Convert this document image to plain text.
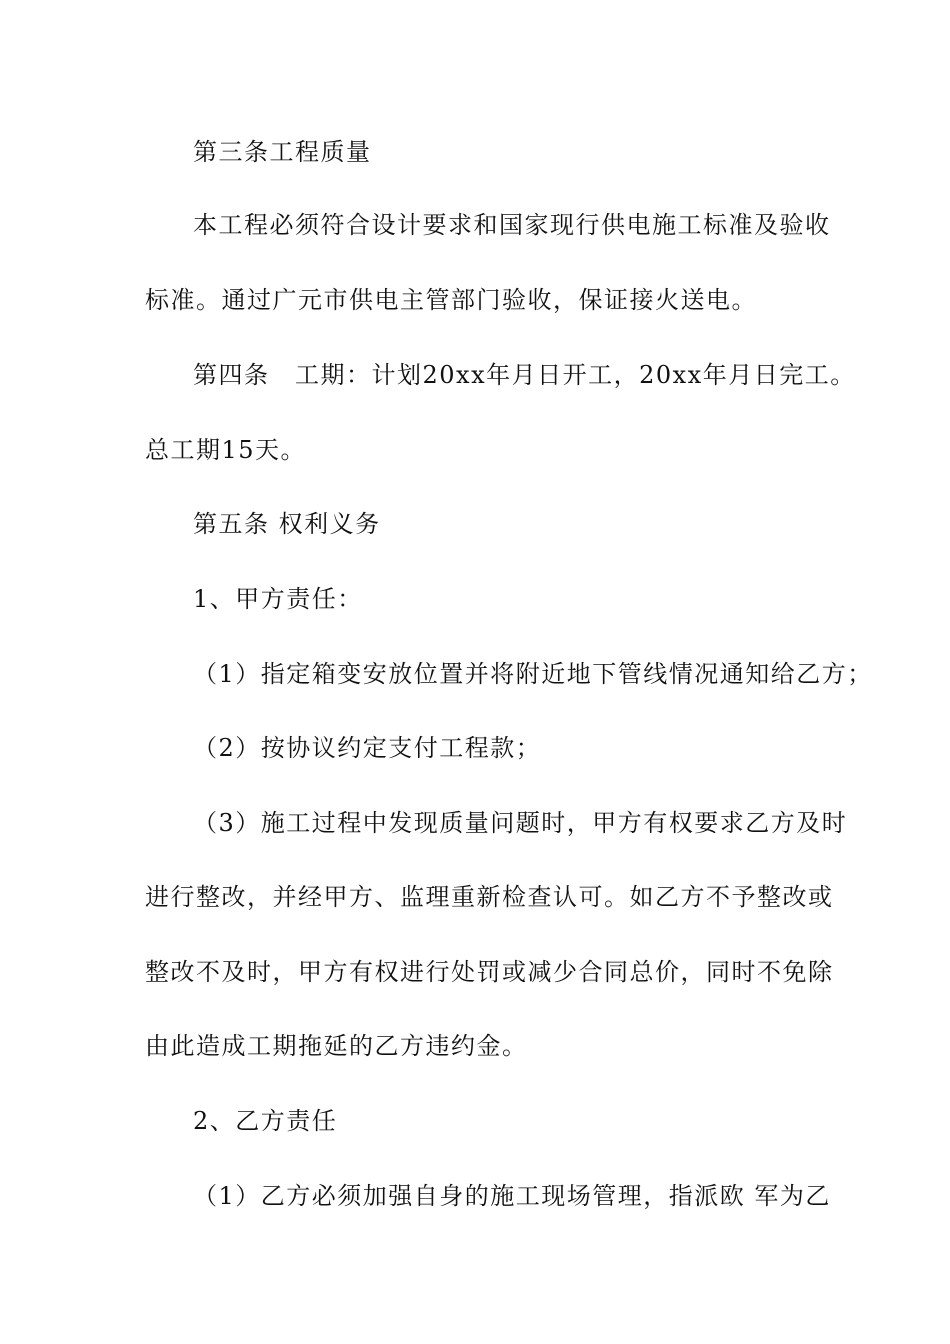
第三条工程质量
本工程必须符合设计要求和国家现行供电施工标准及验收
标准。通过广元市供电主管部门验收，保证接火送电。
第四条　工期：计划20xx年月日开工，20xx年月日完工。
总工期15天。
第五条 权利义务
1、甲方责任：
（1）指定箱变安放位置并将附近地下管线情况通知给乙方；
（2）按协议约定支付工程款；
（3）施工过程中发现质量问题时，甲方有权要求乙方及时
进行整改，并经甲方、监理重新检查认可。如乙方不予整改或
整改不及时，甲方有权进行处罚或减少合同总价，同时不免除
由此造成工期拖延的乙方违约金。
2、乙方责任
（1）乙方必须加强自身的施工现场管理，指派欧 军为乙
